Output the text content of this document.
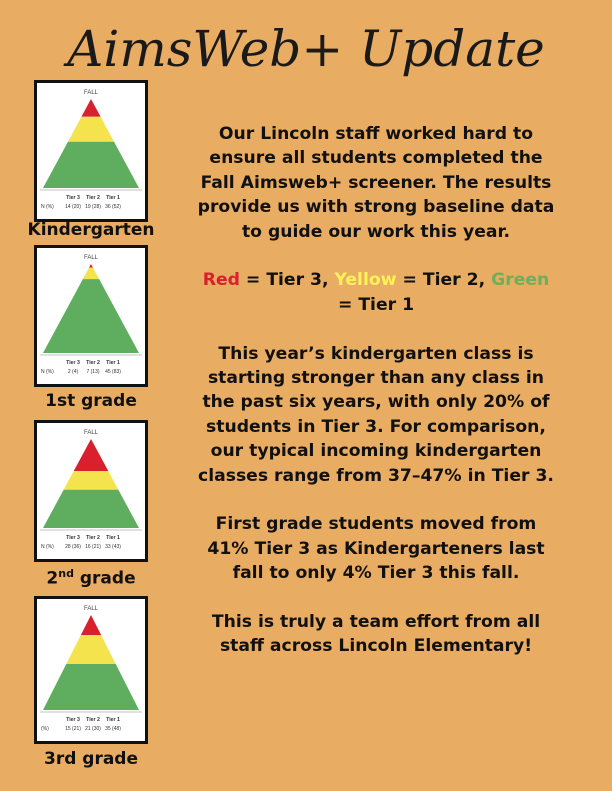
AimsWeb+ Update
FALL
Tier 3 Tier 2 Tier 1
N (%) 14 (20) 19 (28) 36 (52)
Kindergarten
FALL
Tier 3 Tier 2 Tier 1
N (%)	2 (4) 7 (13) 45 (83)
1st grade
FALL
Tier 3 Tier 2 Tier 1
N (%) 28 (36) 16 (21) 33 (43)
2nd grade
FALL
Tier 3 Tier 2 Tier 1
(%)	15 (21) 21 (30) 35 (48)
3rd grade

Our Lincoln staff worked hard to ensure all students completed the Fall Aimsweb+ screener. The results provide us with strong baseline data to guide our work this year.

Red = Tier 3, Yellow = Tier 2, Green = Tier 1

This year’s kindergarten class is starting stronger than any class in the past six years, with only 20% of students in Tier 3. For comparison, our typical incoming kindergarten classes range from 37–47% in Tier 3.

First grade students moved from 41% Tier 3 as Kindergarteners last fall to only 4% Tier 3 this fall.

This is truly a team effort from all staff across Lincoln Elementary!
